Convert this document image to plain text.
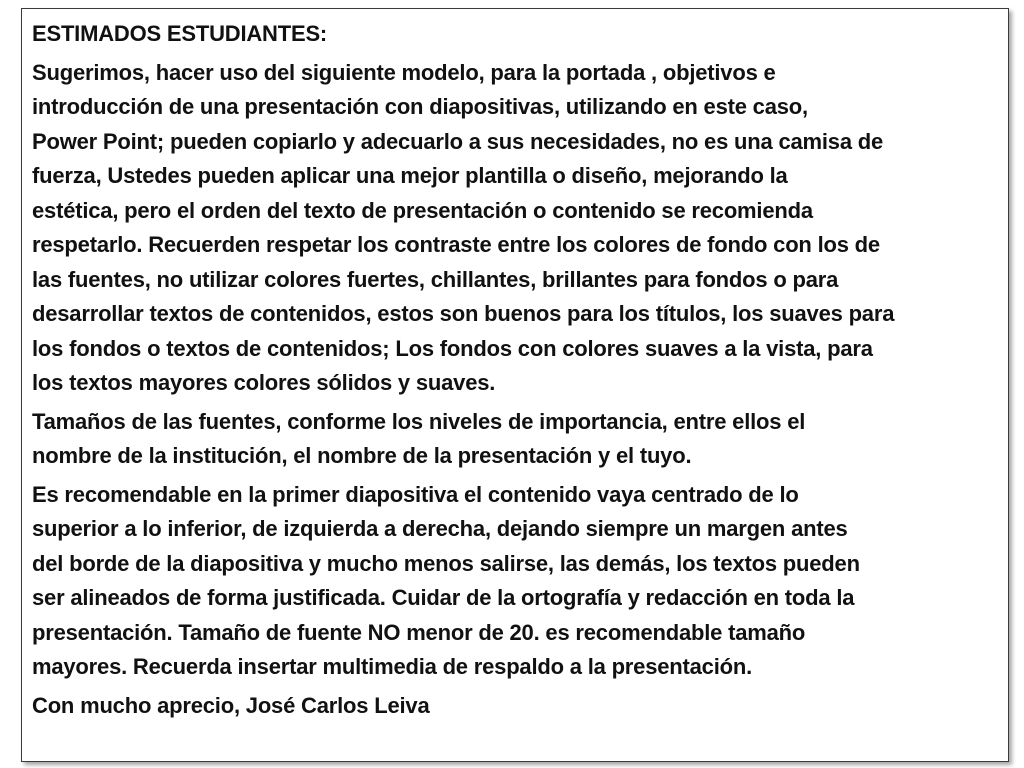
ESTIMADOS ESTUDIANTES:

Sugerimos, hacer uso del siguiente modelo, para la portada , objetivos e
introducción de una presentación con diapositivas, utilizando en este caso,
Power Point; pueden copiarlo y adecuarlo a sus necesidades, no es una camisa de
fuerza, Ustedes pueden aplicar una mejor plantilla o diseño, mejorando la
estética, pero el orden del texto de presentación o contenido se recomienda
respetarlo. Recuerden respetar los contraste entre los colores de fondo con los de
las fuentes, no utilizar colores fuertes, chillantes, brillantes para fondos o para
desarrollar textos de contenidos, estos son buenos para los títulos, los suaves para
los fondos o textos de contenidos; Los fondos con colores suaves a la vista, para
los textos mayores colores sólidos y suaves.

Tamaños de las fuentes, conforme los niveles de importancia, entre ellos el
nombre de la institución, el nombre de la presentación y el tuyo.

Es recomendable en la primer diapositiva el contenido vaya centrado de lo
superior a lo inferior, de izquierda a derecha, dejando siempre un margen antes
del borde de la diapositiva y mucho menos salirse, las demás, los textos pueden
ser alineados de forma justificada. Cuidar de la ortografía y redacción en toda la
presentación. Tamaño de fuente NO menor de 20. es recomendable tamaño
mayores. Recuerda insertar multimedia de respaldo a la presentación.

Con mucho aprecio, José Carlos Leiva
